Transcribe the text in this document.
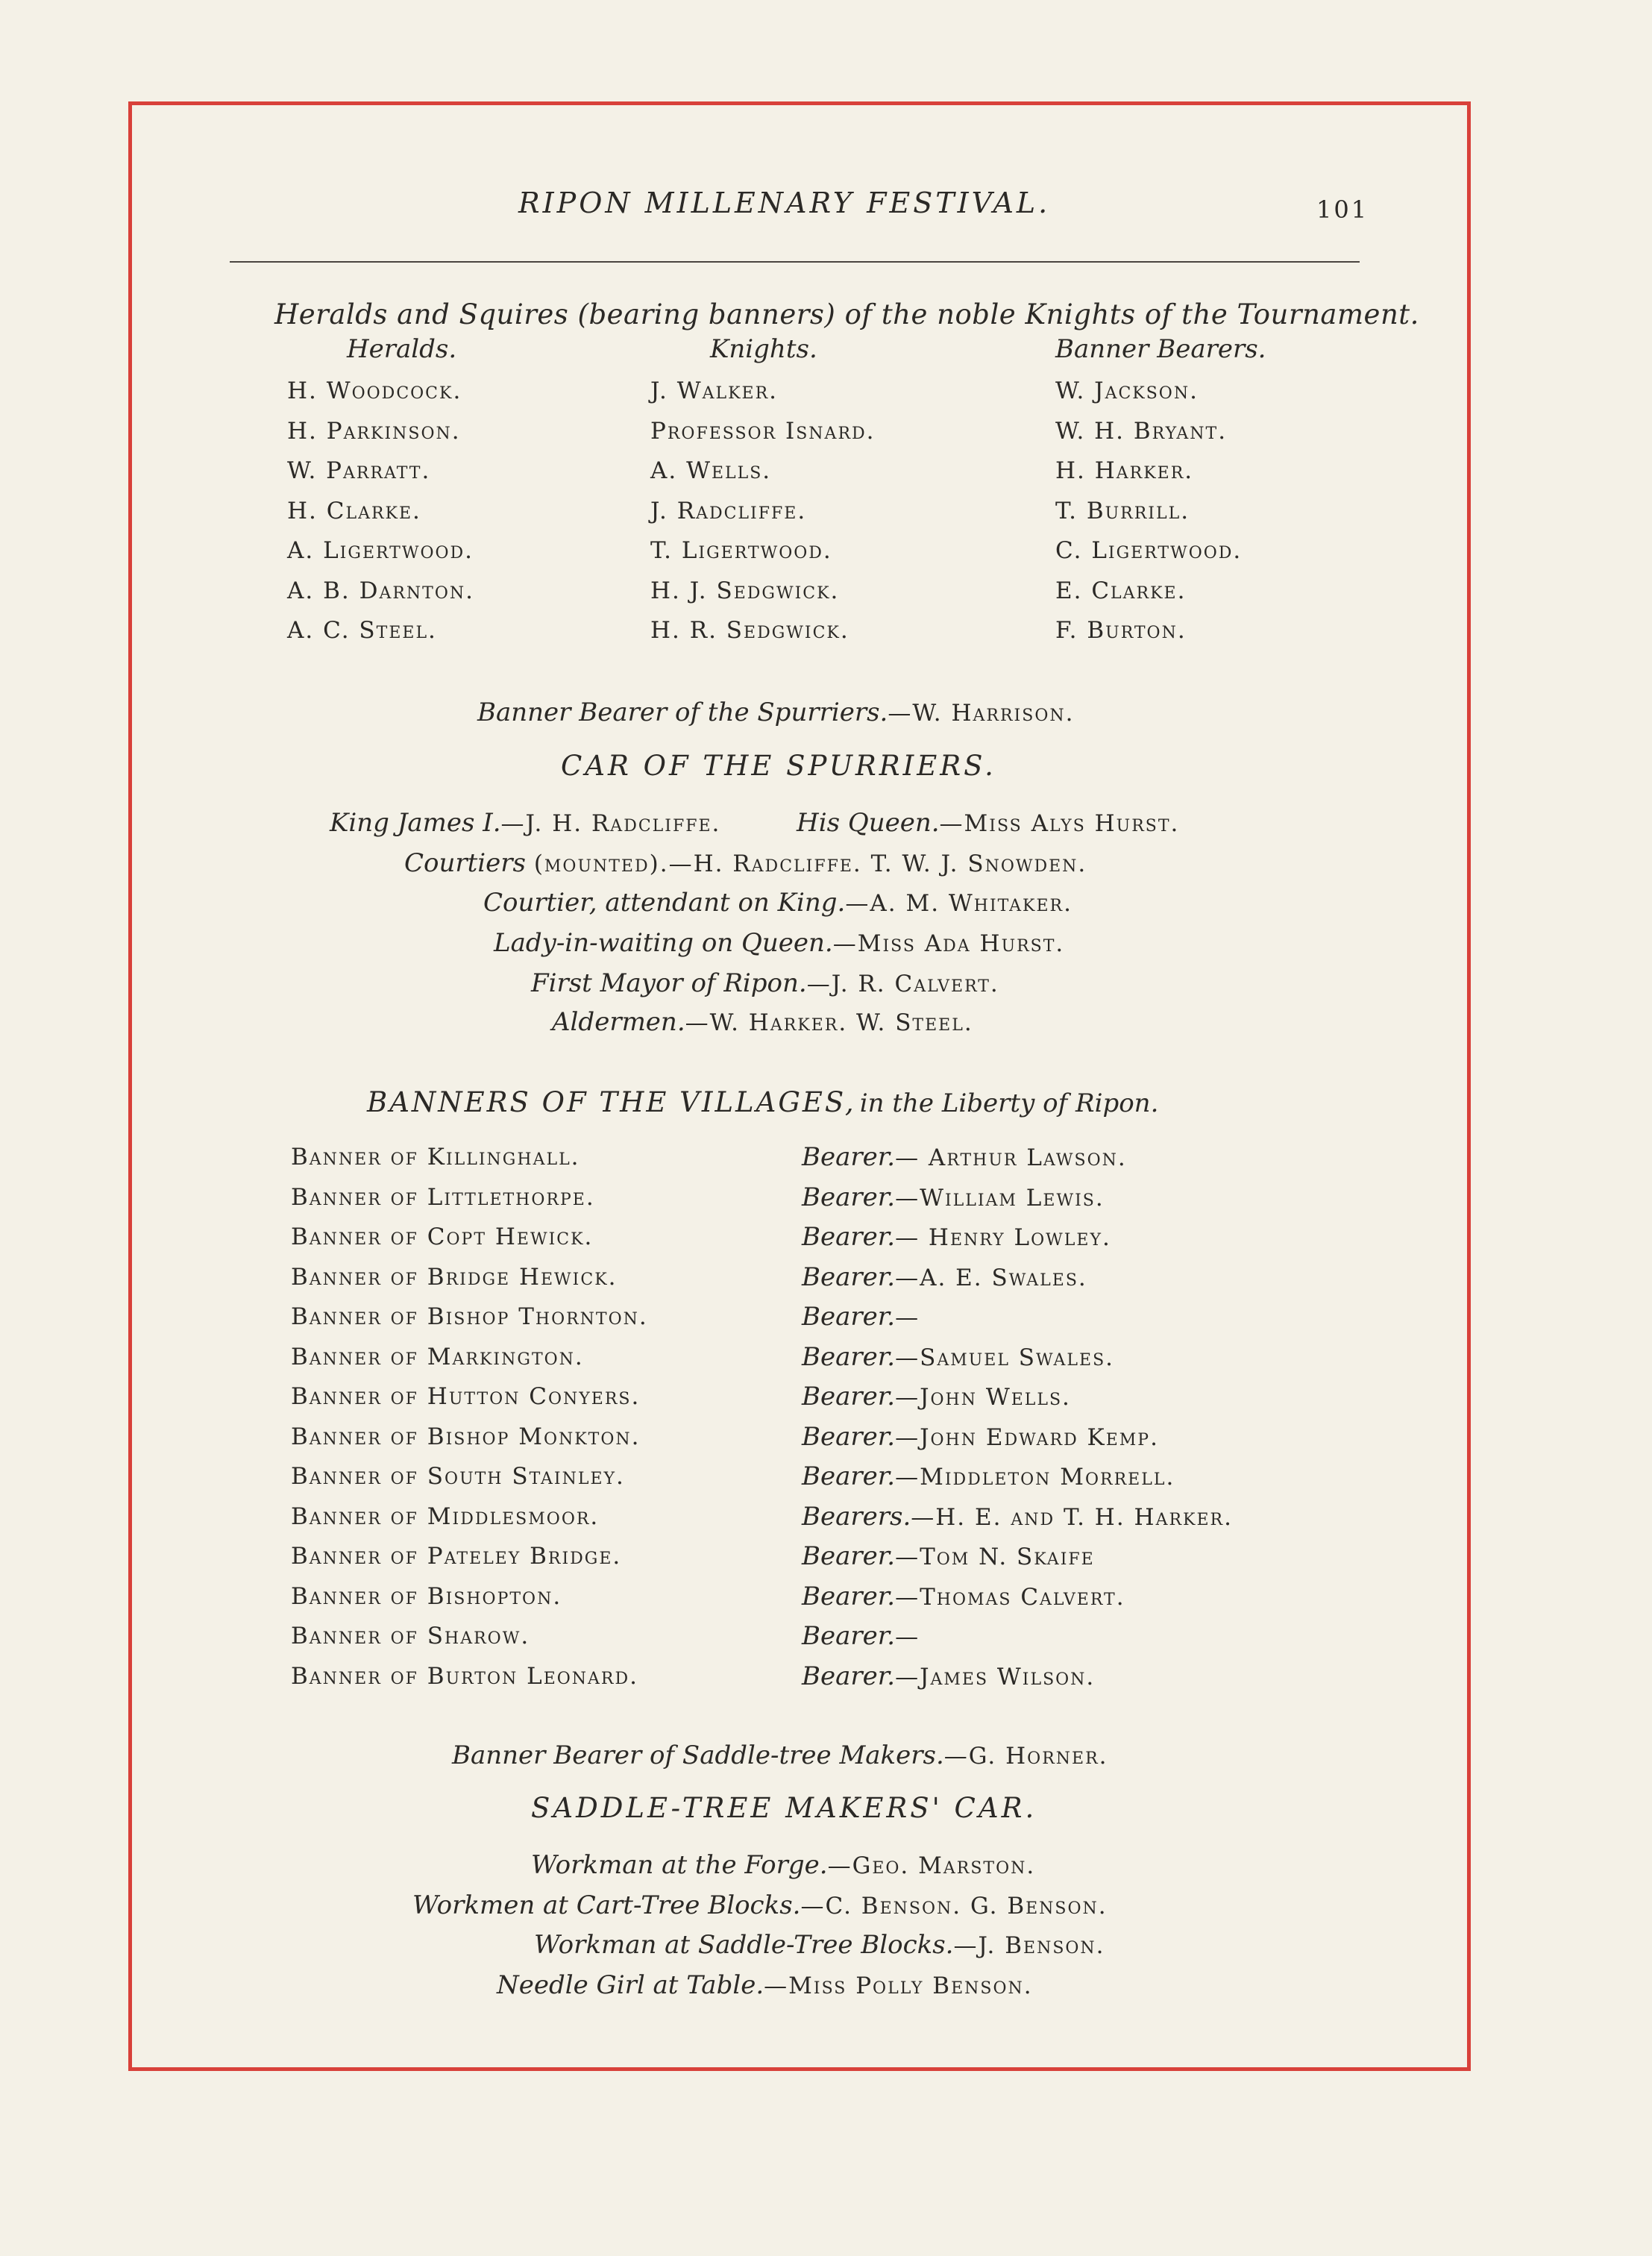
RIPON MILLENARY FESTIVAL.	101
Heralds and Squires (bearing banners) of the noble Knights of the Tournament.
Heralds.
H. Woodcock.
H. Parkinson.
W. Parratt.
H. Clarke.
A. Ligertwood.
A. B. Darnton.
A. C. Steel.
Knights.
J. Walker.
Professor Isnard.
A. Wells.
J. Radcliffe.
T. Ligertwood.
H. J. Sedgwick.
H. R. Sedgwick.
Banner Bearers.
W. Jackson.
W. H. Bryant.
H. Harker.
T. Burrill.
C. Ligertwood.
E. Clarke.
F. Burton.
Banner Bearer of the Spurriers.—W. Harrison.
CAR OF THE SPURRIERS.
King James I.—J. H. Radcliffe.	His Queen.—Miss Alys Hurst.
Courtiers (mounted).—H. Radcliffe. T. W. J. Snowden.
Courtier, attendant on King.—A. M. Whitaker.
Lady-in-waiting on Queen.—Miss Ada Hurst.
First Mayor of Ripon.—J. R. Calvert.
Aldermen.—W. Harker. W. Steel.
BANNERS OF THE VILLAGES, in the Liberty of Ripon.
Banner of Killinghall.
Banner of Littlethorpe.
Banner of Copt Hewick.
Banner of Bridge Hewick.
Banner of Bishop Thornton.
Banner of Markington.
Banner of Hutton Conyers.
Banner of Bishop Monkton.
Banner of South Stainley.
Banner of Middlesmoor.
Banner of Pateley Bridge.
Banner of Bishopton.
Banner of Sharow.
Banner of Burton Leonard.
Bearer.— Arthur Lawson.
Bearer.—William Lewis.
Bearer.— Henry Lowley.
Bearer.—A. E. Swales.
Bearer.—
Bearer.—Samuel Swales.
Bearer.—John Wells.
Bearer.—John Edward Kemp.
Bearer.—Middleton Morrell.
Bearers.—H. E. and T. H. Harker.
Bearer.—Tom N. Skaife
Bearer.—Thomas Calvert.
Bearer.—
Bearer.—James Wilson.
Banner Bearer of Saddle-tree Makers.—G. Horner.
SADDLE-TREE MAKERS' CAR.
Workman at the Forge.—Geo. Marston.
Workmen at Cart-Tree Blocks.—C. Benson. G. Benson.
Workman at Saddle-Tree Blocks.—J. Benson.
Needle Girl at Table.—Miss Polly Benson.
